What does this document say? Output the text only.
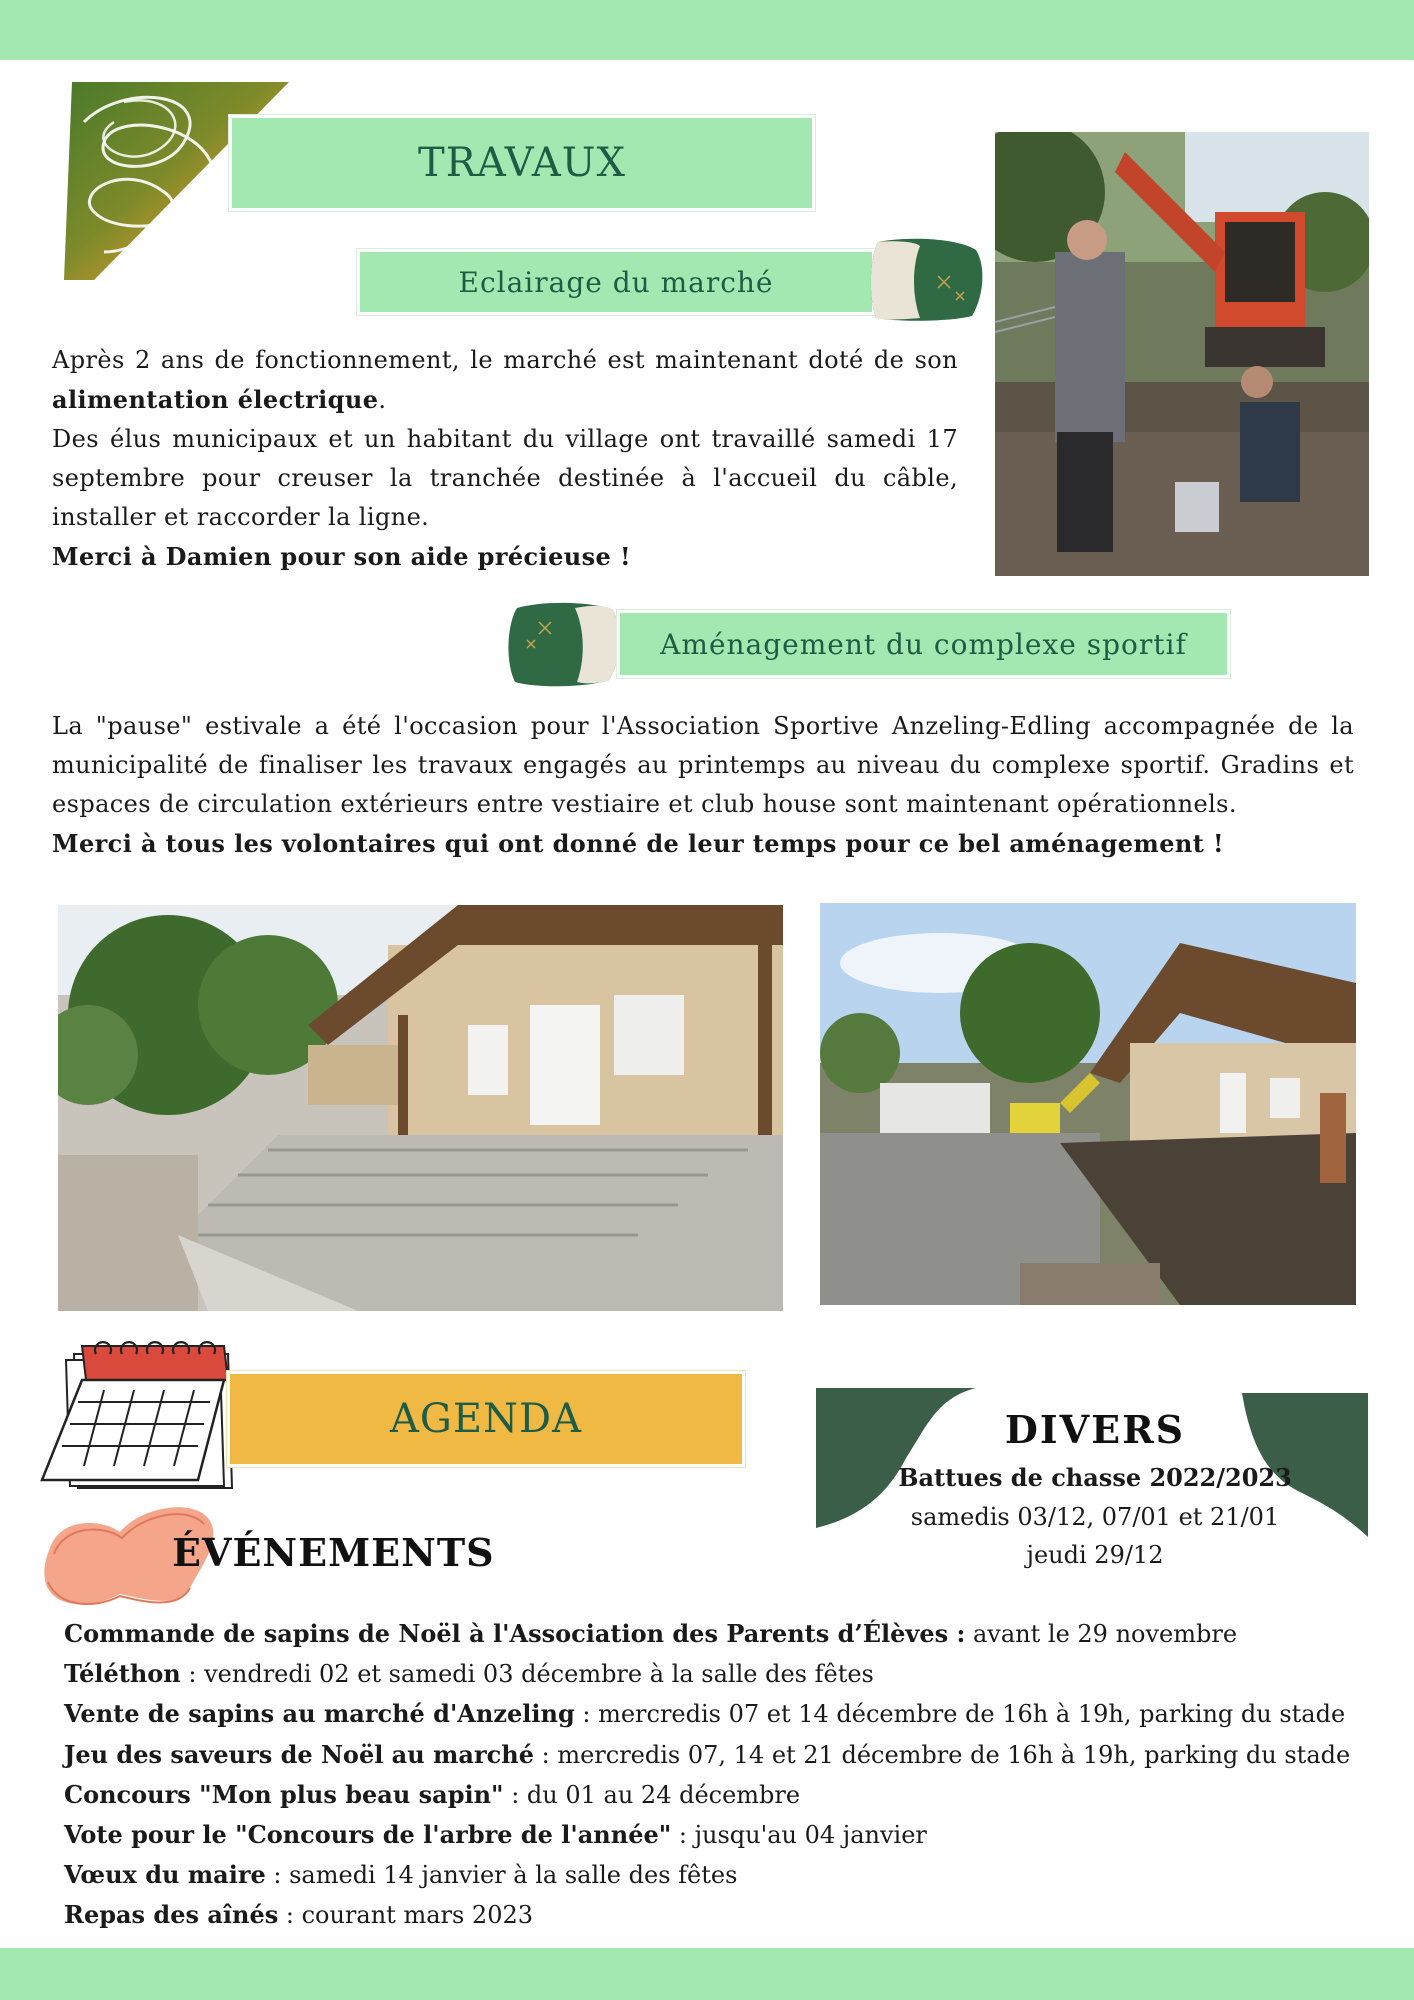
TRAVAUX
Eclairage du marché

Après 2 ans de fonctionnement, le marché est maintenant doté de son alimentation électrique.

Des élus municipaux et un habitant du village ont travaillé samedi 17 septembre pour creuser la tranchée destinée à l'accueil du câble, installer et raccorder la ligne.

Merci à Damien pour son aide précieuse !

Aménagement du complexe sportif

La "pause" estivale a été l'occasion pour l'Association Sportive Anzeling-Edling accompagnée de la municipalité de finaliser les travaux engagés au printemps au niveau du complexe sportif. Gradins et espaces de circulation extérieurs entre vestiaire et club house sont maintenant opérationnels.

Merci à tous les volontaires qui ont donné de leur temps pour ce bel aménagement !

AGENDA
ÉVÉNEMENTS
Commande de sapins de Noël à l'Association des Parents d’Élèves : avant le 29 novembre
Téléthon : vendredi 02 et samedi 03 décembre à la salle des fêtes
Vente de sapins au marché d'Anzeling : mercredis 07 et 14 décembre de 16h à 19h, parking du stade
Jeu des saveurs de Noël au marché : mercredis 07, 14 et 21 décembre de 16h à 19h, parking du stade
Concours "Mon plus beau sapin" : du 01 au 24 décembre
Vote pour le "Concours de l'arbre de l'année" : jusqu'au 04 janvier
Vœux du maire : samedi 14 janvier à la salle des fêtes
Repas des aînés : courant mars 2023
DIVERS
Battues de chasse 2022/2023
samedis 03/12, 07/01 et 21/01
jeudi 29/12
